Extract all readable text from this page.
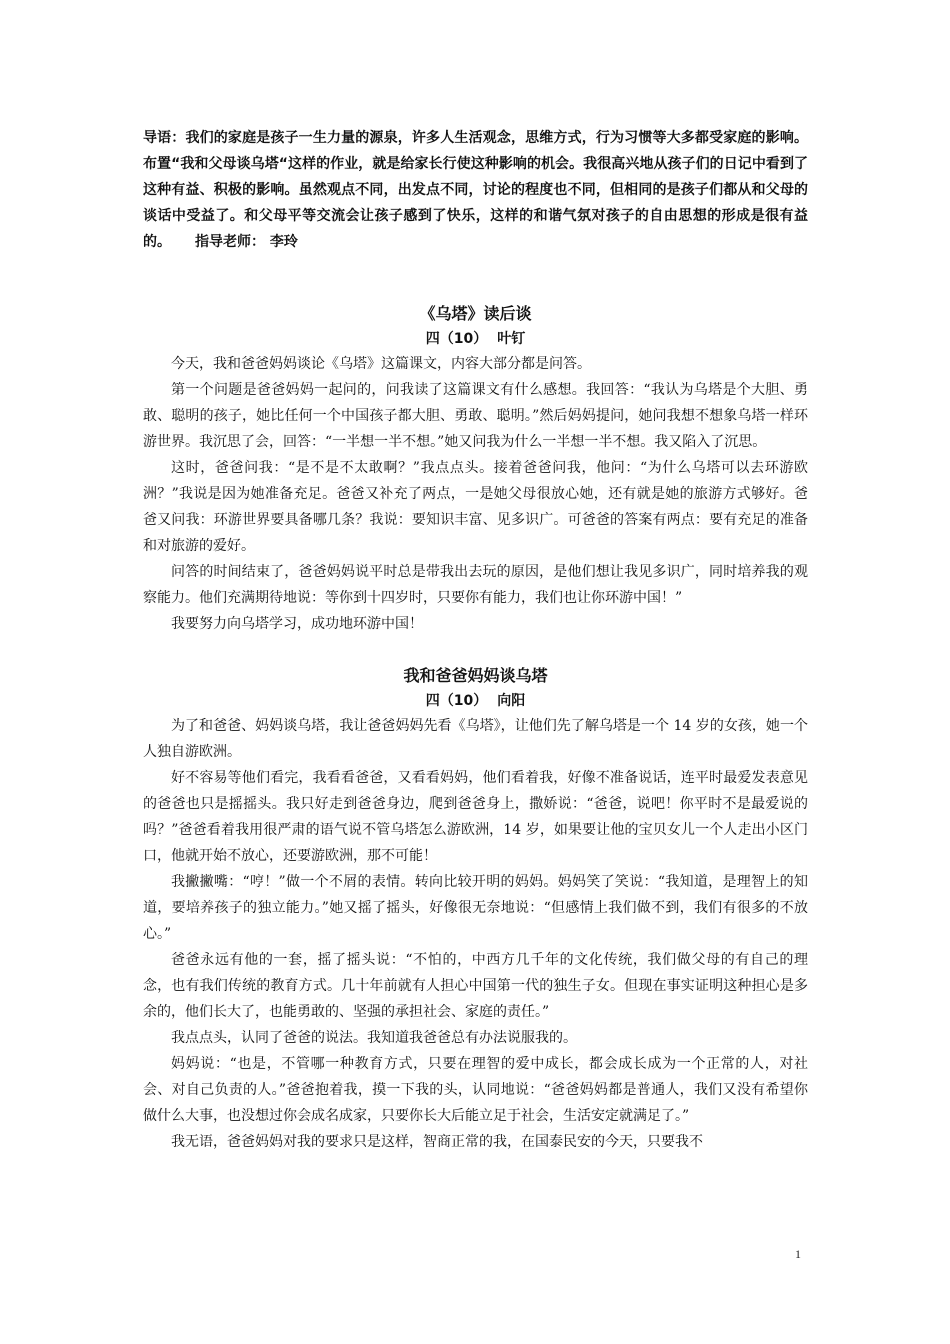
导语：我们的家庭是孩子一生力量的源泉，许多人生活观念，思维方式，行为习惯等大多都受家庭的影响。布置“我和父母谈乌塔“这样的作业，就是给家长行使这种影响的机会。我很高兴地从孩子们的日记中看到了这种有益、积极的影响。虽然观点不同，出发点不同，讨论的程度也不同，但相同的是孩子们都从和父母的谈话中受益了。和父母平等交流会让孩子感到了快乐，这样的和谐气氛对孩子的自由思想的形成是很有益的。 指导老师： 李玲

《乌塔》读后谈

四（10） 叶钉

今天，我和爸爸妈妈谈论《乌塔》这篇课文，内容大部分都是问答。

第一个问题是爸爸妈妈一起问的，问我读了这篇课文有什么感想。我回答：“我认为乌塔是个大胆、勇敢、聪明的孩子，她比任何一个中国孩子都大胆、勇敢、聪明。”然后妈妈提问，她问我想不想象乌塔一样环游世界。我沉思了会，回答：“一半想一半不想。”她又问我为什么一半想一半不想。我又陷入了沉思。

这时，爸爸问我：“是不是不太敢啊？”我点点头。接着爸爸问我，他问：“为什么乌塔可以去环游欧洲？”我说是因为她准备充足。爸爸又补充了两点，一是她父母很放心她，还有就是她的旅游方式够好。爸爸又问我：环游世界要具备哪几条？我说：要知识丰富、见多识广。可爸爸的答案有两点：要有充足的准备和对旅游的爱好。

问答的时间结束了，爸爸妈妈说平时总是带我出去玩的原因，是他们想让我见多识广，同时培养我的观察能力。他们充满期待地说：等你到十四岁时，只要你有能力，我们也让你环游中国！”

我要努力向乌塔学习，成功地环游中国！

我和爸爸妈妈谈乌塔

四（10） 向阳

为了和爸爸、妈妈谈乌塔，我让爸爸妈妈先看《乌塔》，让他们先了解乌塔是一个 14 岁的女孩，她一个人独自游欧洲。

好不容易等他们看完，我看看爸爸，又看看妈妈，他们看着我，好像不准备说话，连平时最爱发表意见的爸爸也只是摇摇头。我只好走到爸爸身边，爬到爸爸身上，撒娇说：“爸爸，说吧！你平时不是最爱说的吗？”爸爸看着我用很严肃的语气说不管乌塔怎么游欧洲，14 岁，如果要让他的宝贝女儿一个人走出小区门口，他就开始不放心，还要游欧洲，那不可能！

我撇撇嘴：“哼！”做一个不屑的表情。转向比较开明的妈妈。妈妈笑了笑说：“我知道，是理智上的知道，要培养孩子的独立能力。”她又摇了摇头，好像很无奈地说：“但感情上我们做不到，我们有很多的不放心。”

爸爸永远有他的一套，摇了摇头说：“不怕的，中西方几千年的文化传统，我们做父母的有自己的理念，也有我们传统的教育方式。几十年前就有人担心中国第一代的独生子女。但现在事实证明这种担心是多余的，他们长大了，也能勇敢的、坚强的承担社会、家庭的责任。”

我点点头，认同了爸爸的说法。我知道我爸爸总有办法说服我的。

妈妈说：“也是，不管哪一种教育方式，只要在理智的爱中成长，都会成长成为一个正常的人，对社会、对自己负责的人。”爸爸抱着我，摸一下我的头，认同地说：“爸爸妈妈都是普通人，我们又没有希望你做什么大事，也没想过你会成名成家，只要你长大后能立足于社会，生活安定就满足了。”

我无语，爸爸妈妈对我的要求只是这样，智商正常的我，在国泰民安的今天，只要我不

1
